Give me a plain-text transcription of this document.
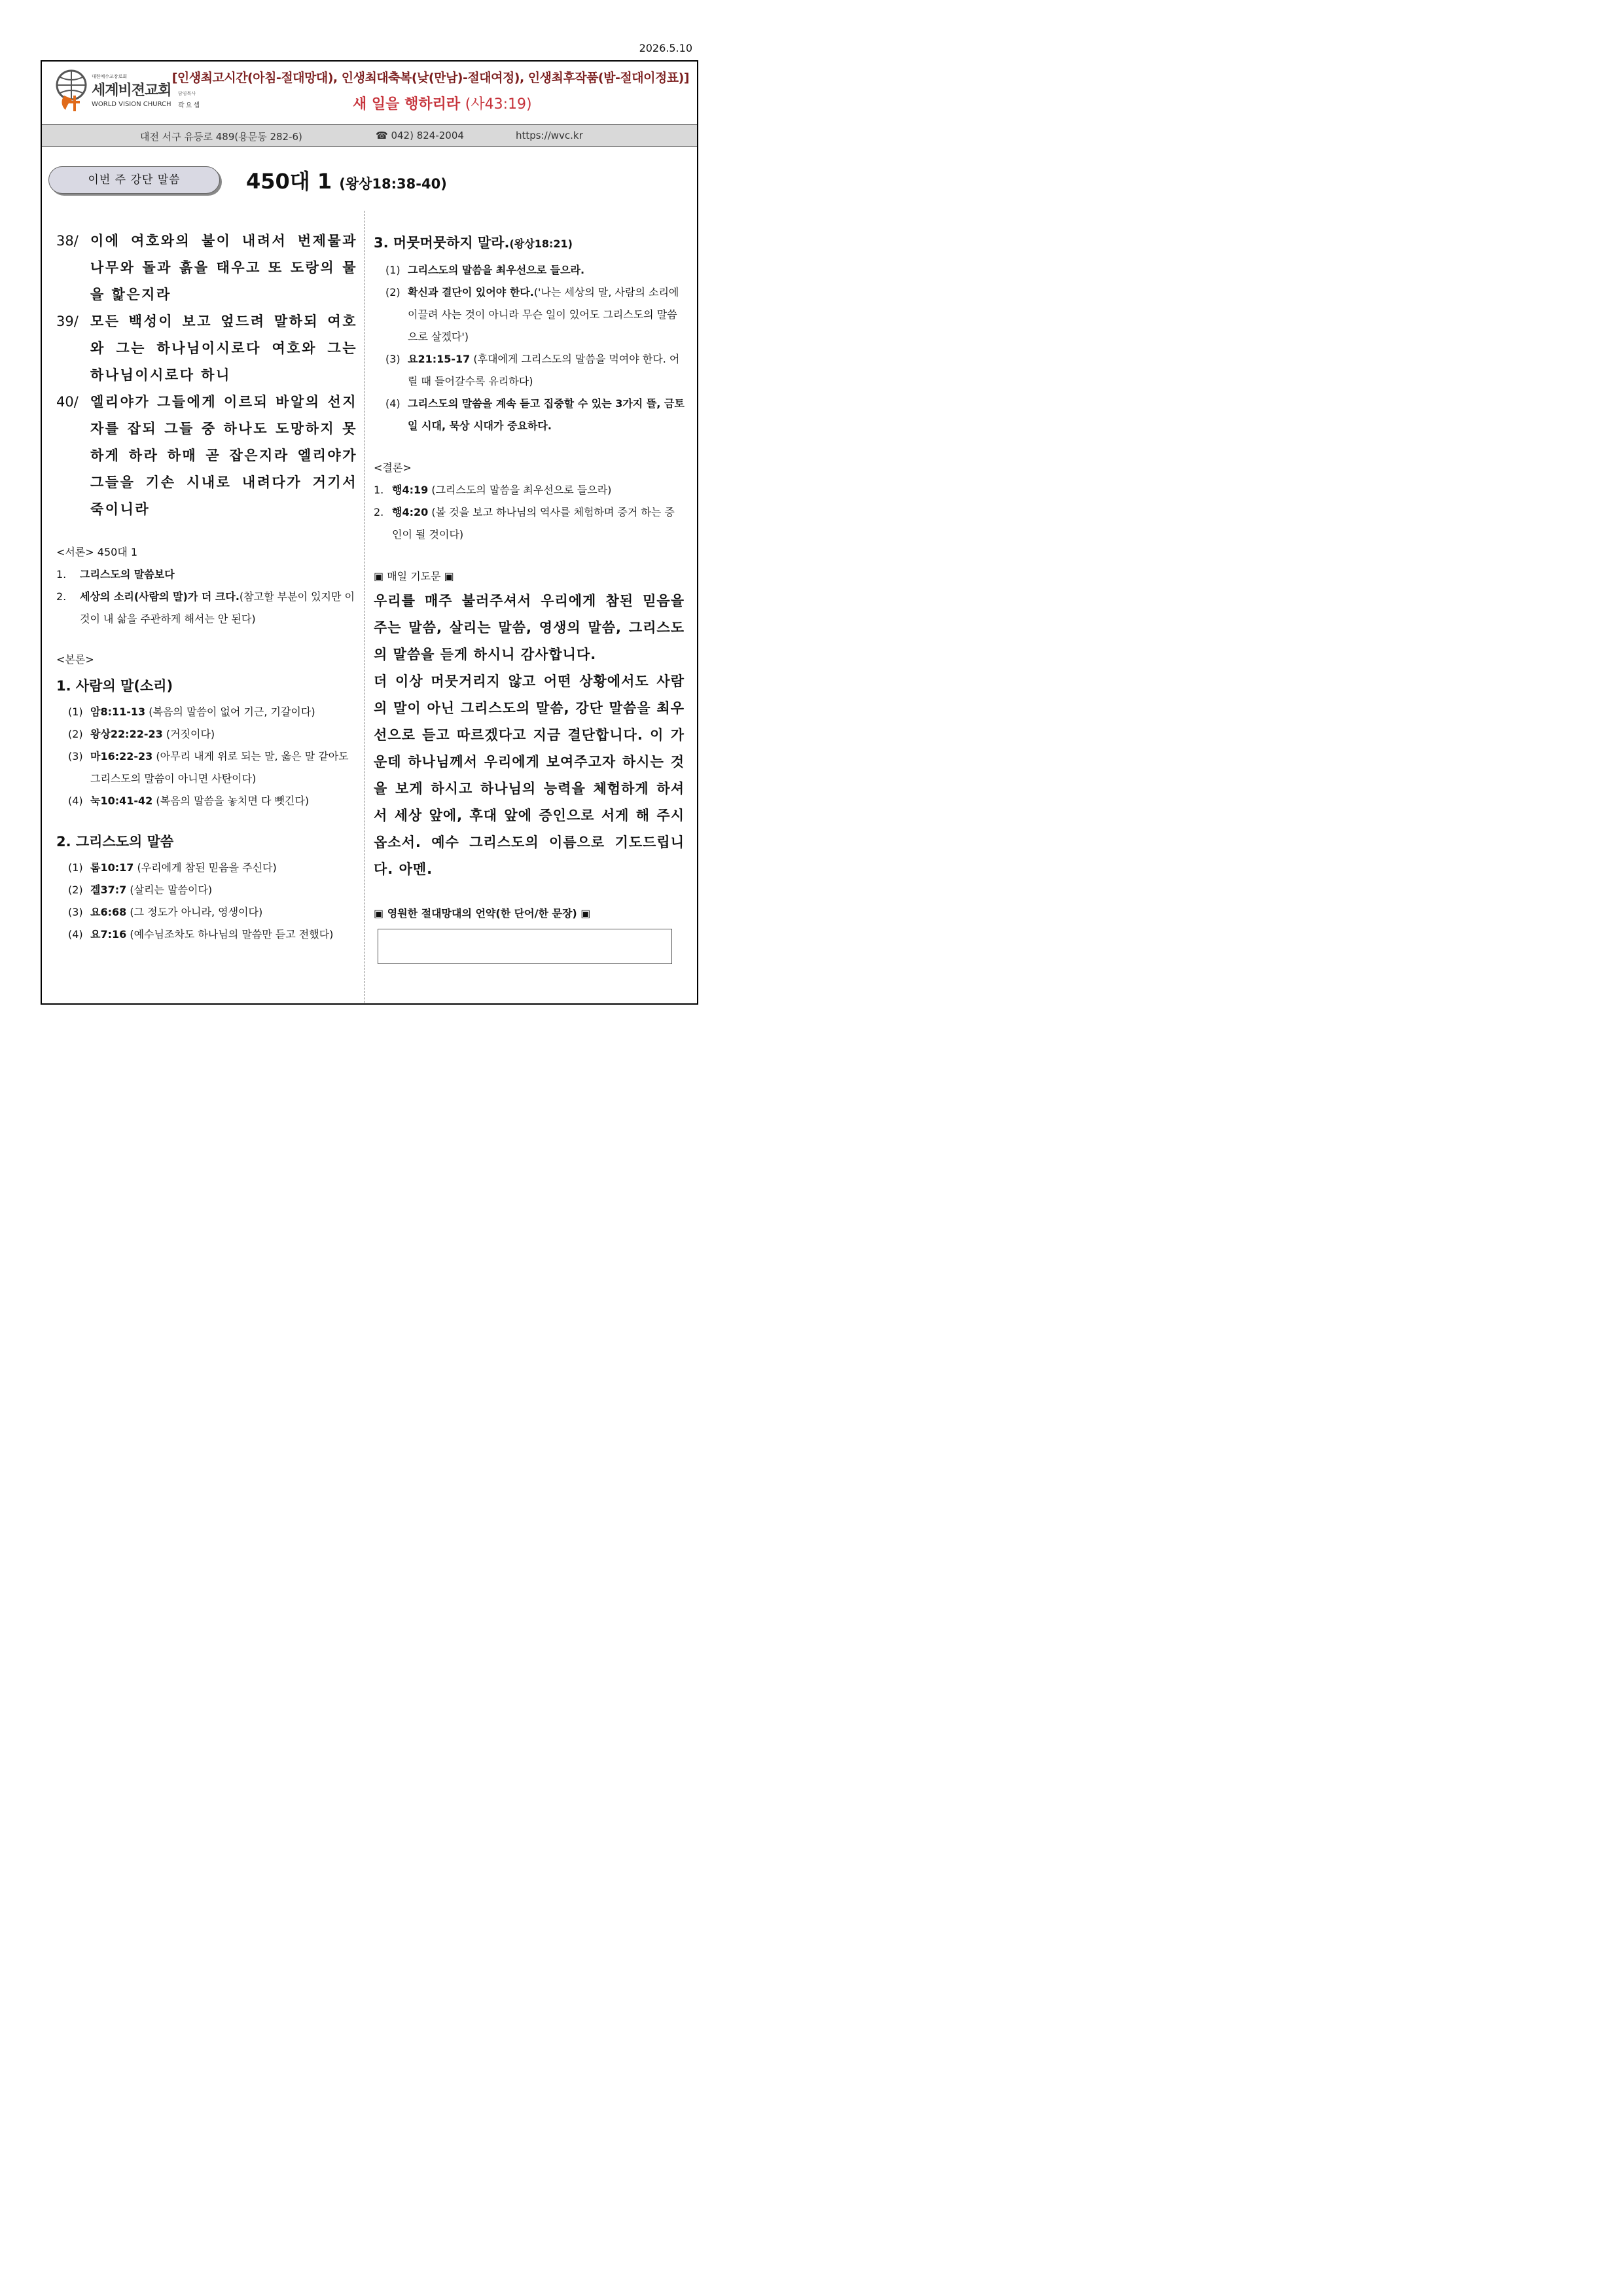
2026.5.10
대한예수교장로회
세계비젼교회
WORLD VISION CHURCH
담임목사
곽요셉
[인생최고시간(아침-절대망대), 인생최대축복(낮(만남)-절대여정), 인생최후작품(밤-절대이정표)]
새 일을 행하리라 (사43:19)
대전 서구 유등로 489(용문동 282-6)	☎ 042) 824-2004	https://wvc.kr
이번 주 강단 말씀	450대 1 (왕상18:38-40)
38/ 이에 여호와의 불이 내려서 번제물과 나무와 돌과 흙을 태우고 또 도랑의 물을 핥은지라
39/ 모든 백성이 보고 엎드려 말하되 여호와 그는 하나님이시로다 여호와 그는 하나님이시로다 하니
40/ 엘리야가 그들에게 이르되 바알의 선지자를 잡되 그들 중 하나도 도망하지 못하게 하라 하매 곧 잡은지라 엘리야가 그들을 기손 시내로 내려다가 거기서 죽이니라
<서론> 450대 1
1.	그리스도의 말씀보다
2.	세상의 소리(사람의 말)가 더 크다.(참고할 부분이 있지만 이것이 내 삶을 주관하게 해서는 안 된다)
<본론>
1. 사람의 말(소리)
(1) 암8:11-13 (복음의 말씀이 없어 기근, 기갈이다)
(2) 왕상22:22-23 (거짓이다)
(3) 마16:22-23 (아무리 내게 위로 되는 말, 옳은 말 같아도 그리스도의 말씀이 아니면 사탄이다)
(4) 눅10:41-42 (복음의 말씀을 놓치면 다 뺏긴다)
2. 그리스도의 말씀
(1) 롬10:17 (우리에게 참된 믿음을 주신다)
(2) 겔37:7 (살리는 말씀이다)
(3) 요6:68 (그 정도가 아니라, 영생이다)
(4) 요7:16 (예수님조차도 하나님의 말씀만 듣고 전했다)
3. 머뭇머뭇하지 말라.(왕상18:21)
(1) 그리스도의 말씀을 최우선으로 들으라.
(2) 확신과 결단이 있어야 한다.('나는 세상의 말, 사람의 소리에 이끌려 사는 것이 아니라 무슨 일이 있어도 그리스도의 말씀으로 살겠다')
(3) 요21:15-17 (후대에게 그리스도의 말씀을 먹여야 한다. 어릴 때 들어갈수록 유리하다)
(4) 그리스도의 말씀을 계속 듣고 집중할 수 있는 3가지 뜰, 금토일 시대, 묵상 시대가 중요하다.
<결론>
1. 행4:19 (그리스도의 말씀을 최우선으로 들으라)
2. 행4:20 (볼 것을 보고 하나님의 역사를 체험하며 증거 하는 증인이 될 것이다)
▣ 매일 기도문 ▣
우리를 매주 불러주셔서 우리에게 참된 믿음을 주는 말씀, 살리는 말씀, 영생의 말씀, 그리스도의 말씀을 듣게 하시니 감사합니다.
더 이상 머뭇거리지 않고 어떤 상황에서도 사람의 말이 아닌 그리스도의 말씀, 강단 말씀을 최우선으로 듣고 따르겠다고 지금 결단합니다. 이 가운데 하나님께서 우리에게 보여주고자 하시는 것을 보게 하시고 하나님의 능력을 체험하게 하셔서 세상 앞에, 후대 앞에 증인으로 서게 해 주시옵소서. 예수 그리스도의 이름으로 기도드립니다. 아멘.
▣ 영원한 절대망대의 언약(한 단어/한 문장) ▣
